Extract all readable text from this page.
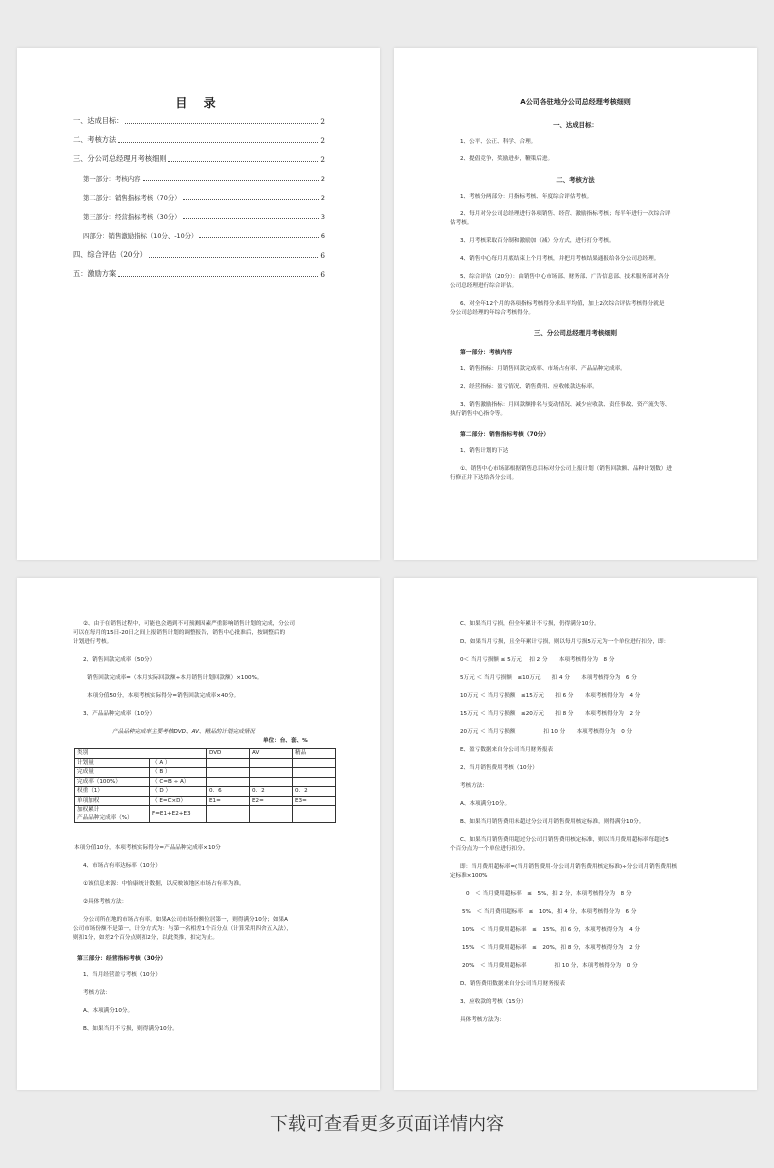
目 录
一、达成目标：	2
二、考核方法	2
三、分公司总经理月考核细则	2
第一部分：考核内容	2
第二部分：销售指标考核（70分）	2
第三部分：经营指标考核（30分）	3
四部分：销售激励指标（10分、-10分）	6
四、综合评估（20分）	6
五：激励方案	6
A公司各驻地分公司总经理考核细则
一、达成目标：
1、公平、公正、科学、合理。
2、提倡竞争，奖励进步，鞭策后进。
二、考核方法
1、考核分两部分：月指标考核、年度综合评估考核。
2、每月对分公司总经理进行各项销售、经营、激励指标考核；每半年进行一次综合评
估考核。
3、月考核采取百分制和激励加（减）分方式，进行打分考核。
4、销售中心每月月底结束上个月考核，并把月考核结果通报给各分公司总经理。
5、综合评估（20分）：由销售中心市场部、财务部、广告信息部、技术服务部对各分
公司总经理进行综合评估。
6、对全年12个月的各项指标考核得分求出平均值，加上2次综合评估考核得分就是
分公司总经理的年综合考核得分。
三、分公司总经理月考核细则
第一部分：考核内容
1、销售指标：月销售回款完成率、市场占有率、产品品种完成率。
2、经营指标：盈亏情况、销售费用、应收帐款达标率。
3、销售激励指标：月回款额排名与变动情况、减少应收款、责任事故、资产流失等、
执行销售中心指令等。
第二部分：销售指标考核（70分）
1、销售计划的下达
①、销售中心市场部根据销售总目标对分公司上报计划（销售回款额、品种计划数）进
行修正并下达给各分公司。
②、由于在销售过程中，可能也会遇到不可预测因素严重影响销售计划的完成，分公司
可以在每月的15日-20日之间上报销售计划的调整报告，销售中心批准后，按调整后的
计划进行考核。
2、销售回款完成率（50分）
销售回款完成率=（本月实际回款额÷本月销售计划回款额）×100%。
本项分值50分，本项考核实际得分=销售回款完成率×40分。
3、产品品种完成率（10分）
产品品种完成率主要考核DVD、AV、精品的计划完成情况
单位：台、套、%
类别		DVD	AV	精品
计划量	（ A ）			
完成量	（ B ）			
完成率（100%）	（ C=B ÷ A）			
权重（1）	（ D ）	0．6	0．2	0．2
单项加权	（ E=C×D）	E1=	E2=	E3=
加权累计
产品品种完成率（%）	F=E1+E2+E3			
本项分值10分，本项考核实际得分=产品品种完成率×10分
4、市场占有率达标率（10分）
①该信息来源：中怡康统计数据，以反映该地区市场占有率为准。
②具体考核方法：
分公司所在地的市场占有率。如果A公司市场份额位居第一，则得满分10分；如果A
公司市场份额不是第一，计分方式为：与第一名相差1个百分点（计算采用四舍五入法），
则扣1分，如差2个百分点则扣2分，以此类推，扣完为止。
第三部分：经营指标考核（30分）
1、当月经营盈亏考核（10分）
考核方法：
A、本项满分10分。
B、如果当月不亏损，则得满分10分。
C、如果当月亏损，但全年累计不亏损，仍得满分10分。
D、如果当月亏损，且全年累计亏损，则以每月亏损5万元为一个单位进行扣分，即：
0＜ 当月亏损额 ≤ 5万元　 扣 2 分　　本项考核得分为　8 分
5万元 ＜ 当月亏损额　≤10万元　　扣 4 分　　本项考核得分为　6 分
10万元 ＜ 当月亏损额　≤15万元　　扣 6 分　　本项考核得分为　4 分
15万元 ＜ 当月亏损额　≤20万元　　扣 8 分　　本项考核得分为　2 分
20万元 ＜ 当月亏损额　　　　　扣 10 分　　本项考核得分为　0 分
E、盈亏数据来自分公司当月财务报表
2、当月销售费用考核（10分）
考核方法：
A、本项满分10分。
B、如果当月销售费用未超过分公司月销售费用核定标准，则得满分10分。
C、如果当月销售费用超过分公司月销售费用核定标准，则以当月费用超标率每超过5
个百分点为一个单位进行扣分。
即：当月费用超标率=(当月销售费用-分公司月销售费用核定标准)÷分公司月销售费用核
定标准×100%
0　＜ 当月费用超标率　≤　5%，扣 2 分，本项考核得分为　8 分
5%　＜ 当月费用超标率　≤　10%，扣 4 分，本项考核得分为　6 分
10%　＜ 当月费用超标率　≤　15%，扣 6 分，本项考核得分为　4 分
15%　＜ 当月费用超标率　≤　20%，扣 8 分，本项考核得分为　2 分
20%　＜ 当月费用超标率　　　　　扣 10 分，本项考核得分为　0 分
D、销售费用数据来自分公司当月财务报表
3、应收款的考核（15分）
具体考核方法为：
下载可查看更多页面详情内容
